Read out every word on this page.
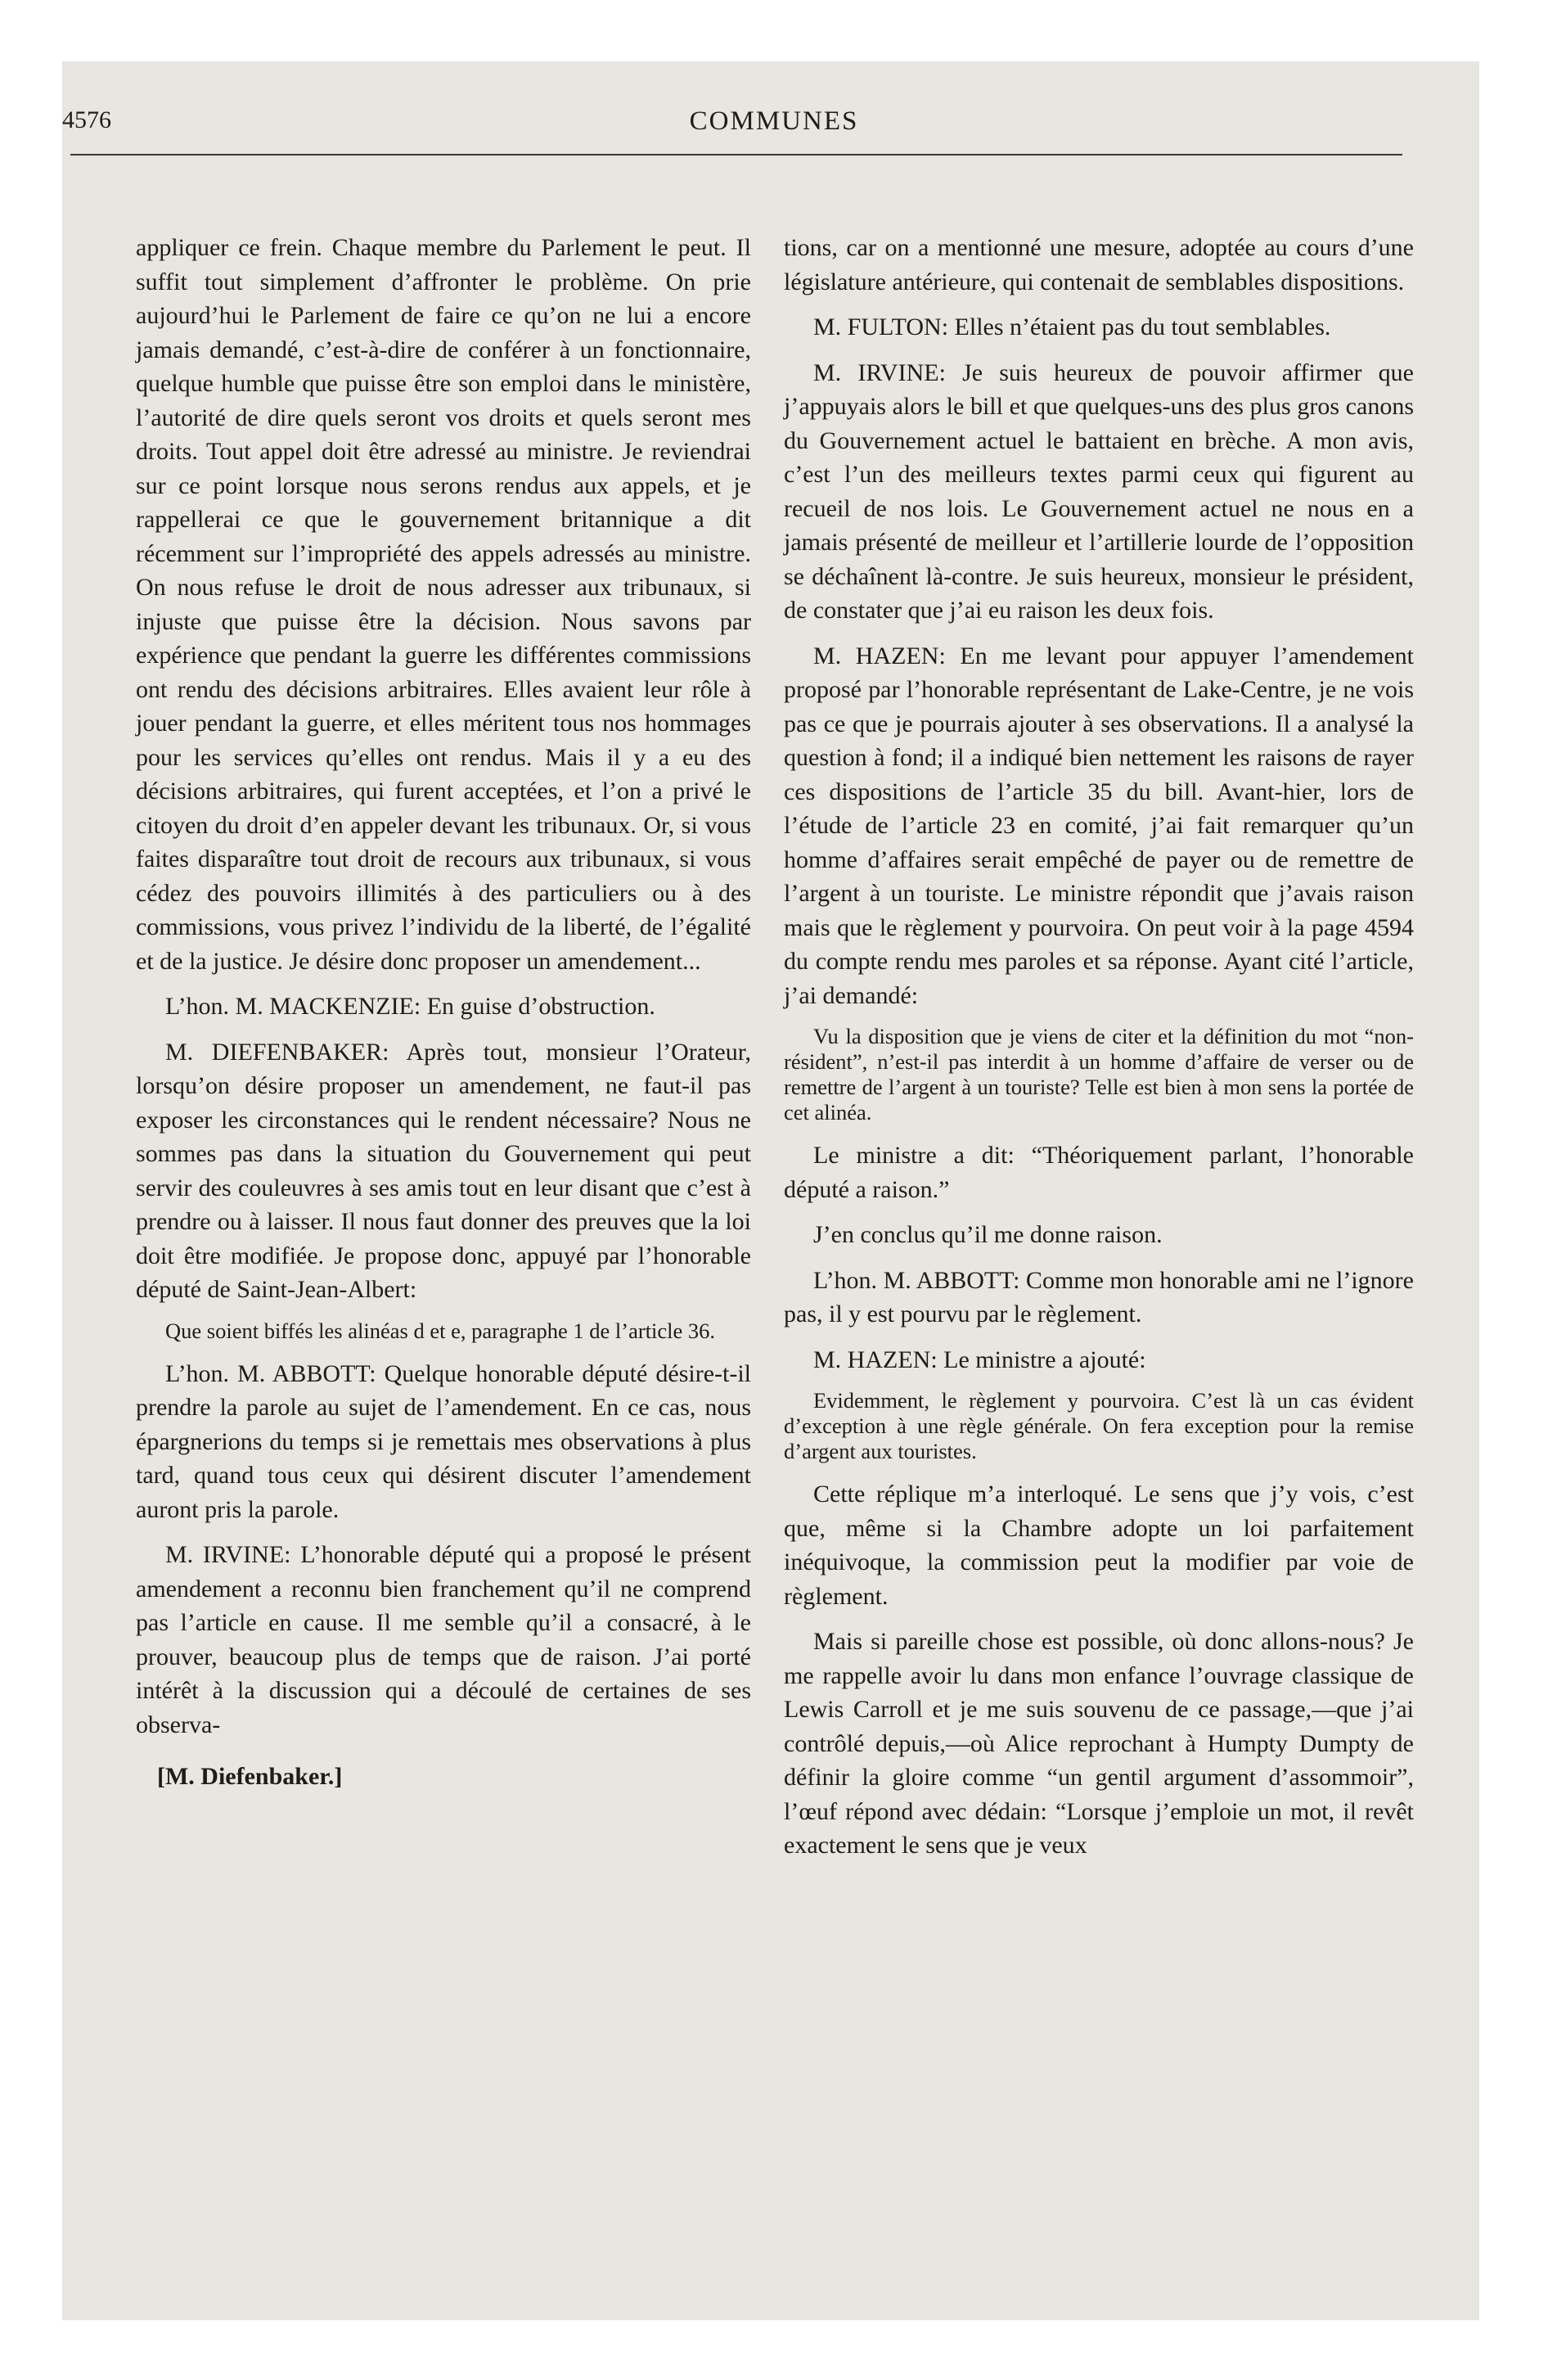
4576	COMMUNES

appliquer ce frein. Chaque membre du Parlement le peut. Il suffit tout simplement d’affronter le problème. On prie aujourd’hui le Parlement de faire ce qu’on ne lui a encore jamais demandé, c’est-à-dire de conférer à un fonctionnaire, quelque humble que puisse être son emploi dans le ministère, l’autorité de dire quels seront vos droits et quels seront mes droits. Tout appel doit être adressé au ministre. Je reviendrai sur ce point lorsque nous serons rendus aux appels, et je rappellerai ce que le gouvernement britannique a dit récemment sur l’impropriété des appels adressés au ministre. On nous refuse le droit de nous adresser aux tribunaux, si injuste que puisse être la décision. Nous savons par expérience que pendant la guerre les différentes commissions ont rendu des décisions arbitraires. Elles avaient leur rôle à jouer pendant la guerre, et elles méritent tous nos hommages pour les services qu’elles ont rendus. Mais il y a eu des décisions arbitraires, qui furent acceptées, et l’on a privé le citoyen du droit d’en appeler devant les tribunaux. Or, si vous faites disparaître tout droit de recours aux tribunaux, si vous cédez des pouvoirs illimités à des particuliers ou à des commissions, vous privez l’individu de la liberté, de l’égalité et de la justice. Je désire donc proposer un amendement...

L’hon. M. MACKENZIE: En guise d’obstruction.

M. DIEFENBAKER: Après tout, monsieur l’Orateur, lorsqu’on désire proposer un amendement, ne faut-il pas exposer les circonstances qui le rendent nécessaire? Nous ne sommes pas dans la situation du Gouvernement qui peut servir des couleuvres à ses amis tout en leur disant que c’est à prendre ou à laisser. Il nous faut donner des preuves que la loi doit être modifiée. Je propose donc, appuyé par l’honorable député de Saint-Jean-Albert:

Que soient biffés les alinéas d et e, paragraphe 1 de l’article 36.

L’hon. M. ABBOTT: Quelque honorable député désire-t-il prendre la parole au sujet de l’amendement. En ce cas, nous épargnerions du temps si je remettais mes observations à plus tard, quand tous ceux qui désirent discuter l’amendement auront pris la parole.

M. IRVINE: L’honorable député qui a proposé le présent amendement a reconnu bien franchement qu’il ne comprend pas l’article en cause. Il me semble qu’il a consacré, à le prouver, beaucoup plus de temps que de raison. J’ai porté intérêt à la discussion qui a découlé de certaines de ses observa-

[M. Diefenbaker.]

tions, car on a mentionné une mesure, adoptée au cours d’une législature antérieure, qui contenait de semblables dispositions.

M. FULTON: Elles n’étaient pas du tout semblables.

M. IRVINE: Je suis heureux de pouvoir affirmer que j’appuyais alors le bill et que quelques-uns des plus gros canons du Gouvernement actuel le battaient en brèche. A mon avis, c’est l’un des meilleurs textes parmi ceux qui figurent au recueil de nos lois. Le Gouvernement actuel ne nous en a jamais présenté de meilleur et l’artillerie lourde de l’opposition se déchaînent là-contre. Je suis heureux, monsieur le président, de constater que j’ai eu raison les deux fois.

M. HAZEN: En me levant pour appuyer l’amendement proposé par l’honorable représentant de Lake-Centre, je ne vois pas ce que je pourrais ajouter à ses observations. Il a analysé la question à fond; il a indiqué bien nettement les raisons de rayer ces dispositions de l’article 35 du bill. Avant-hier, lors de l’étude de l’article 23 en comité, j’ai fait remarquer qu’un homme d’affaires serait empêché de payer ou de remettre de l’argent à un touriste. Le ministre répondit que j’avais raison mais que le règlement y pourvoira. On peut voir à la page 4594 du compte rendu mes paroles et sa réponse. Ayant cité l’article, j’ai demandé:

Vu la disposition que je viens de citer et la définition du mot “non-résident”, n’est-il pas interdit à un homme d’affaire de verser ou de remettre de l’argent à un touriste? Telle est bien à mon sens la portée de cet alinéa.

Le ministre a dit: “Théoriquement parlant, l’honorable député a raison.”

J’en conclus qu’il me donne raison.

L’hon. M. ABBOTT: Comme mon honorable ami ne l’ignore pas, il y est pourvu par le règlement.

M. HAZEN: Le ministre a ajouté:

Evidemment, le règlement y pourvoira. C’est là un cas évident d’exception à une règle générale. On fera exception pour la remise d’argent aux touristes.

Cette réplique m’a interloqué. Le sens que j’y vois, c’est que, même si la Chambre adopte un loi parfaitement inéquivoque, la commission peut la modifier par voie de règlement.

Mais si pareille chose est possible, où donc allons-nous? Je me rappelle avoir lu dans mon enfance l’ouvrage classique de Lewis Carroll et je me suis souvenu de ce passage,—que j’ai contrôlé depuis,—où Alice reprochant à Humpty Dumpty de définir la gloire comme “un gentil argument d’assommoir”, l’œuf répond avec dédain: “Lorsque j’emploie un mot, il revêt exactement le sens que je veux
